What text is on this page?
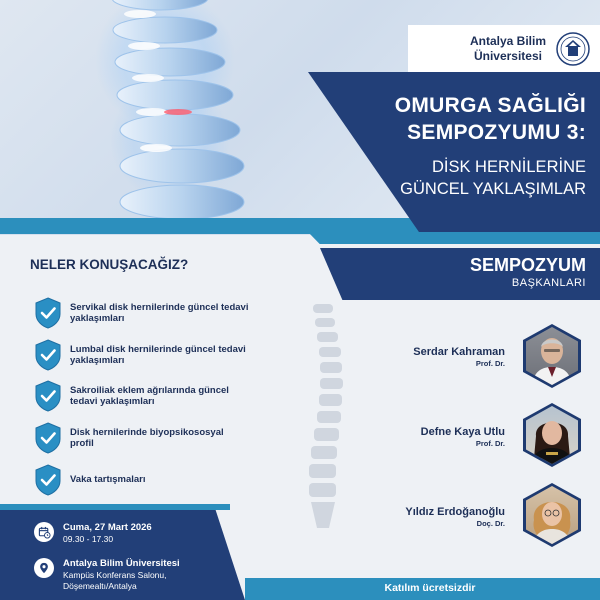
Antalya Bilim
Üniversitesi
OMURGA SAĞLIĞI
SEMPOZYUMU 3:
DİSK HERNİLERİNE
GÜNCEL YAKLAŞIMLAR
NELER KONUŞACAĞIZ?
Servikal disk hernilerinde güncel tedavi
yaklaşımları
Lumbal disk hernilerinde güncel tedavi
yaklaşımları
Sakroiliak eklem ağrılarında güncel
tedavi yaklaşımları
Disk hernilerinde biyopsikososyal
profil
Vaka tartışmaları
SEMPOZYUM
BAŞKANLARI
Serdar Kahraman
Prof. Dr.
Defne Kaya Utlu
Prof. Dr.
Yıldız Erdoğanoğlu
Doç. Dr.
Cuma, 27 Mart 2026
09.30 - 17.30
Antalya Bilim Üniversitesi
Kampüs Konferans Salonu,
Döşemealtı/Antalya	Katılım ücretsizdir
